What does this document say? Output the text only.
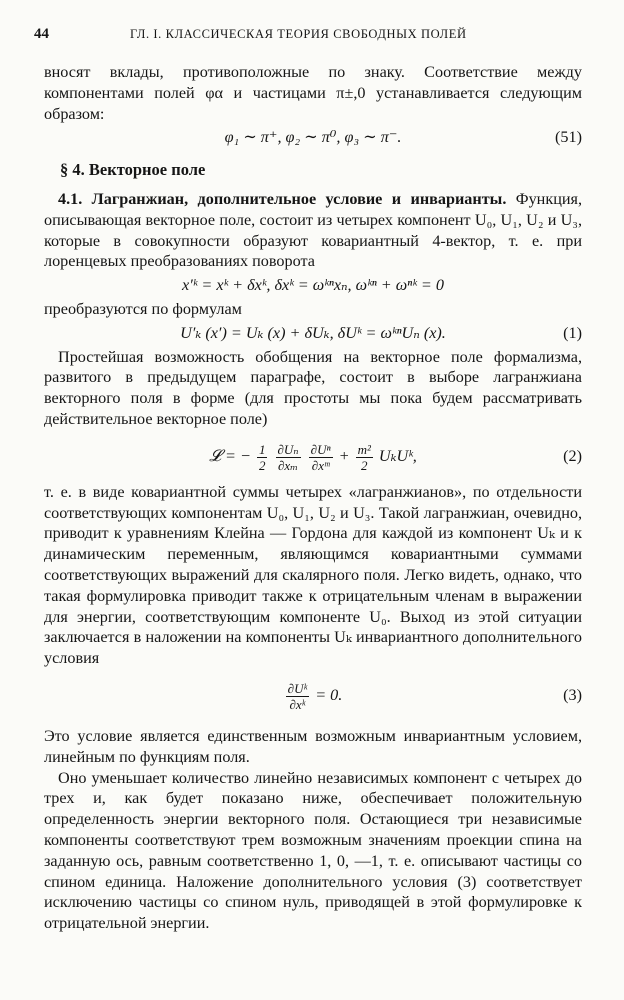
44	ГЛ. I. КЛАССИЧЕСКАЯ ТЕОРИЯ СВОБОДНЫХ ПОЛЕЙ

вносят вклады, противоположные по знаку. Соответствие между компонентами полей φα и частицами π±,0 устанавливается следующим образом:

φ₁ ∼ π⁺, φ₂ ∼ π⁰, φ₃ ∼ π⁻.	(51)
§ 4. Векторное поле

4.1. Лагранжиан, дополнительное условие и инварианты. Функция, описывающая векторное поле, состоит из четырех компонент U₀, U₁, U₂ и U₃, которые в совокупности образуют ковариантный 4-вектор, т. е. при лоренцевых преобразованиях поворота

x′ᵏ = xᵏ + δxᵏ, δxᵏ = ωᵏⁿxₙ, ωᵏⁿ + ωⁿᵏ = 0

преобразуются по формулам

U′ₖ (x′) = Uₖ (x) + δUₖ, δUᵏ = ωᵏⁿUₙ (x).	(1)

Простейшая возможность обобщения на векторное поле формализма, развитого в предыдущем параграфе, состоит в выборе лагранжиана векторного поля в форме (для простоты мы пока будем рассматривать действительное векторное поле)

𝓛 = − $\frac{1}{2}$
$\frac{\text{∂Uₙ}}{\text{∂xₘ}}$
$\frac{\text{∂Uⁿ}}{\text{∂xᵐ}} + \frac{\text{m²}}{2}$ UₖUᵏ,	(2)

т. е. в виде ковариантной суммы четырех «лагранжианов», по отдельности соответствующих компонентам U₀, U₁, U₂ и U₃. Такой лагранжиан, очевидно, приводит к уравнениям Клейна — Гордона для каждой из компонент Uₖ и к динамическим переменным, являющимся ковариантными суммами соответствующих выражений для скалярного поля. Легко видеть, однако, что такая формулировка приводит также к отрицательным членам в выражении для энергии, соответствующим компоненте U₀. Выход из этой ситуации заключается в наложении на компоненты Uₖ инвариантного дополнительного условия

$\frac{\text{∂Uᵏ}}{\text{∂xᵏ}} = 0$.	(3)

Это условие является единственным возможным инвариантным условием, линейным по функциям поля.

Оно уменьшает количество линейно независимых компонент с четырех до трех и, как будет показано ниже, обеспечивает положительную определенность энергии векторного поля. Остающиеся три независимые компоненты соответствуют трем возможным значениям проекции спина на заданную ось, равным соответственно 1, 0, —1, т. е. описывают частицы со спином единица. Наложение дополнительного условия (3) соответствует исключению частицы со спином нуль, приводящей в этой формулировке к отрицательной энергии.
